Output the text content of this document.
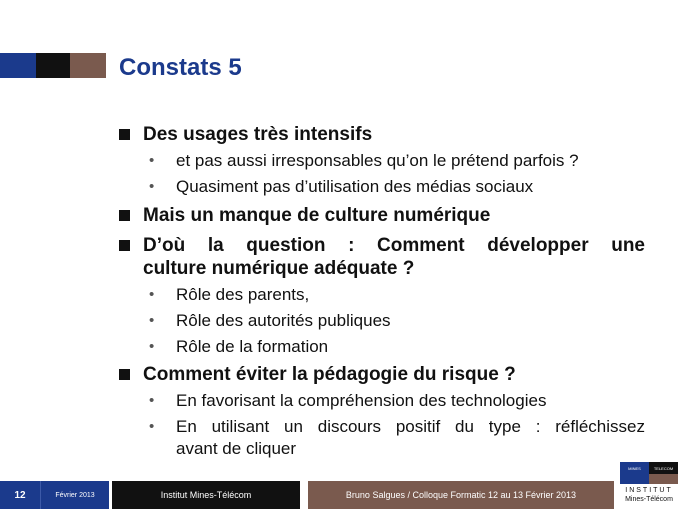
Constats 5
Des usages très intensifs
• et pas aussi irresponsables qu’on le prétend parfois ?
• Quasiment pas d’utilisation des médias sociaux
Mais un manque de culture numérique
D’où la question : Comment développer une
culture numérique adéquate ?
• Rôle des parents,
• Rôle des autorités publiques
• Rôle de la formation
Comment éviter la pédagogie du risque ?
• En favorisant la compréhension des technologies
• En utilisant un discours positif du type : réfléchissez
avant de cliquer
12	Février 2013	Institut Mines-Télécom	Bruno Salgues / Colloque Formatic 12 au 13 Février 2013
MINES	TELECOM
INSTITUT
Mines-Télécom
